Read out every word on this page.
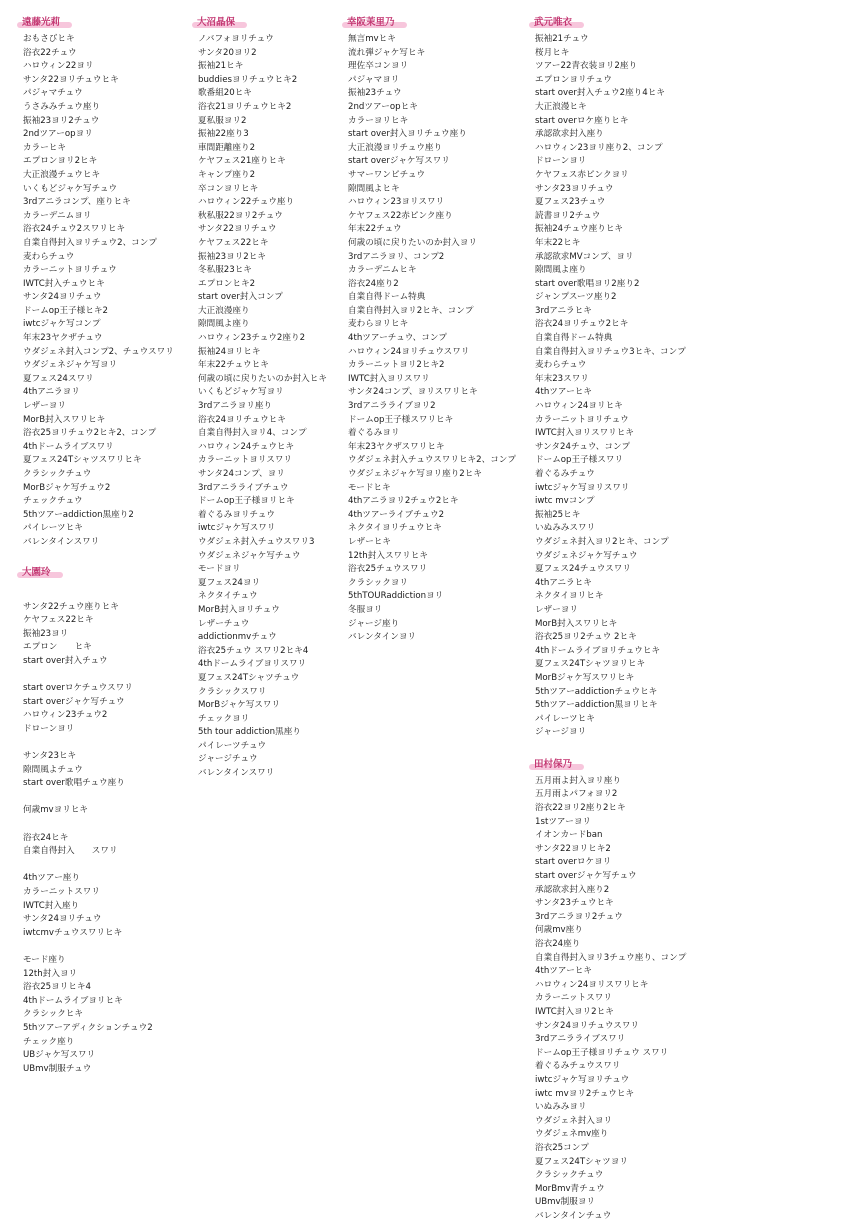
遠藤光莉
おもさびヒキ
浴衣22チュウ
ハロウィン22ヨリ
サンタ22ヨリチュウヒキ
パジャマチュウ
うさみみチュウ座り
振袖23ヨリ2チュウ
2ndツアーopヨリ
カラーヒキ
エプロンヨリ2ヒキ
大正浪漫チュウヒキ
いくもどジャケ写チュウ
3rdアニラコンプ、座りヒキ
カラーデニムヨリ
浴衣24チュウ2スワリヒキ
自業自得封入ヨリチュウ2、コンプ
麦わらチュウ
カラーニットヨリチュウ
IWTC封入チュウヒキ
サンタ24ヨリチュウ
ドームop王子様ヒキ2
iwtcジャケ写コンプ
年末23ヤクザチュウ
ウダジェネ封入コンプ2、チュウスワリ
ウダジェネジャケ写ヨリ
夏フェス24スワリ
4thアニラヨリ
レザーヨリ
MorB封入スワリヒキ
浴衣25ヨリチュウ2ヒキ2、コンプ
4thドームライブスワリ
夏フェス24Tシャツスワリヒキ
クラシックチュウ
MorBジャケ写チュウ2
チェックチュウ
5thツアーaddiction黒座り2
パイレーツヒキ
バレンタインスワリ
大園玲
サンタ22チュウ座りヒキ
ケヤフェス22ヒキ
振袖23ヨリ
エプロン　　ヒキ
start over封入チュウ
start overロケチュウスワリ
start overジャケ写チュウ
ハロウィン23チュウ2
ドローンヨリ
サンタ23ヒキ
隙間風よチュウ
start over歌唱チュウ座り
何歳mvヨリヒキ
浴衣24ヒキ
自業自得封入　　スワリ
4thツアー座り
カラーニットスワリ
IWTC封入座り
サンタ24ヨリチュウ
iwtcmvチュウスワリヒキ
モード座り
12th封入ヨリ
浴衣25ヨリヒキ4
4thドームライブヨリヒキ
クラシックヒキ
5thツアーアディクションチュウ2
チェック座り
UBジャケ写スワリ
UBmv制服チュウ
大沼晶保
ノバフォヨリチュウ
サンタ20ヨリ2
振袖21ヒキ
buddiesヨリチュウヒキ2
歌番組20ヒキ
浴衣21ヨリチュウヒキ2
夏私服ヨリ2
振袖22座り3
車間距離座り2
ケヤフェス21座りヒキ
キャンプ座り2
卒コンヨリヒキ
ハロウィン22チュウ座り
秋私服22ヨリ2チュウ
サンタ22ヨリチュウ
ケヤフェス22ヒキ
振袖23ヨリ2ヒキ
冬私服23ヒキ
エプロンヒキ2
start over封入コンプ
大正浪漫座り
隙間風よ座り
ハロウィン23チュウ2座り2
振袖24ヨリヒキ
年末22チュウヒキ
何歳の頃に戻りたいのか封入ヒキ
いくもどジャケ写ヨリ
3rdアニラヨリ座り
浴衣24ヨリチュウヒキ
自業自得封入ヨリ4、コンプ
ハロウィン24チュウヒキ
カラーニットヨリスワリ
サンタ24コンプ、ヨリ
3rdアニラライブチュウ
ドームop王子様ヨリヒキ
着ぐるみヨリチュウ
iwtcジャケ写スワリ
ウダジェネ封入チュウスワリ3
ウダジェネジャケ写チュウ
モードヨリ
夏フェス24ヨリ
ネクタイチュウ
MorB封入ヨリチュウ
レザーチュウ
addictionmvチュウ
浴衣25チュウ スワリ2ヒキ4
4thドームライブヨリスワリ
夏フェス24Tシャツチュウ
クラシックスワリ
MorBジャケ写スワリ
チェックヨリ
5th tour addiction黒座り
パイレーツチュウ
ジャージチュウ
バレンタインスワリ
幸阪茉里乃
無言mvヒキ
流れ弾ジャケ写ヒキ
理佐卒コンヨリ
パジャマヨリ
振袖23チュウ
2ndツアーopヒキ
カラーヨリヒキ
start over封入ヨリチュウ座り
大正浪漫ヨリチュウ座り
start overジャケ写スワリ
サマーワンピチュウ
隙間風よヒキ
ハロウィン23ヨリスワリ
ケヤフェス22赤ピンク座り
年末22チュウ
何歳の頃に戻りたいのか封入ヨリ
3rdアニラヨリ、コンプ2
カラーデニムヒキ
浴衣24座り2
自業自得ドーム特典
自業自得封入ヨリ2ヒキ、コンプ
麦わらヨリヒキ
4thツアーチュウ、コンプ
ハロウィン24ヨリチュウスワリ
カラーニットヨリ2ヒキ2
IWTC封入ヨリスワリ
サンタ24コンプ、ヨリスワリヒキ
3rdアニラライブヨリ2
ドームop王子様スワリヒキ
着ぐるみヨリ
年末23ヤクザスワリヒキ
ウダジェネ封入チュウスワリヒキ2、コンプ
ウダジェネジャケ写ヨリ座り2ヒキ
モードヒキ
4thアニラヨリ2チュウ2ヒキ
4thツアーライブチュウ2
ネクタイヨリチュウヒキ
レザーヒキ
12th封入スワリヒキ
浴衣25チュウスワリ
クラシックヨリ
5thTOURaddictionヨリ
冬服ヨリ
ジャージ座り
バレンタインヨリ
武元唯衣
振袖21チュウ
桜月ヒキ
ツアー22青衣装ヨリ2座り
エプロンヨリチュウ
start over封入チュウ2座り4ヒキ
大正浪漫ヒキ
start overロケ座りヒキ
承認欲求封入座り
ハロウィン23ヨリ座り2、コンプ
ドローンヨリ
ケヤフェス赤ピンクヨリ
サンタ23ヨリチュウ
夏フェス23チュウ
読書ヨリ2チュウ
振袖24チュウ座りヒキ
年末22ヒキ
承認欲求MVコンプ、ヨリ
隙間風よ座り
start over歌唱ヨリ2座り2
ジャンプスーツ座り2
3rdアニラヒキ
浴衣24ヨリチュウ2ヒキ
自業自得ドーム特典
自業自得封入ヨリチュウ3ヒキ、コンプ
麦わらチュウ
年末23スワリ
4thツアーヒキ
ハロウィン24ヨリヒキ
カラーニットヨリチュウ
IWTC封入ヨリスワリヒキ
サンタ24チュウ、コンプ
ドームop王子様スワリ
着ぐるみチュウ
iwtcジャケ写ヨリスワリ
iwtc mvコンプ
振袖25ヒキ
いぬみみスワリ
ウダジェネ封入ヨリ2ヒキ、コンプ
ウダジェネジャケ写チュウ
夏フェス24チュウスワリ
4thアニラヒキ
ネクタイヨリヒキ
レザーヨリ
MorB封入スワリヒキ
浴衣25ヨリ2チュウ 2ヒキ
4thドームライブヨリチュウヒキ
夏フェス24Tシャツヨリヒキ
MorBジャケ写スワリヒキ
5thツアーaddictionチュウヒキ
5thツアーaddiction黒ヨリヒキ
パイレーツヒキ
ジャージヨリ
田村保乃
五月雨よ封入ヨリ座り
五月雨よパフォヨリ2
浴衣22ヨリ2座り2ヒキ
1stツアーヨリ
イオンカードban
サンタ22ヨリヒキ2
start overロケヨリ
start overジャケ写チュウ
承認欲求封入座り2
サンタ23チュウヒキ
3rdアニラヨリ2チュウ
何歳mv座り
浴衣24座り
自業自得封入ヨリ3チュウ座り、コンプ
4thツアーヒキ
ハロウィン24ヨリスワリヒキ
カラーニットスワリ
IWTC封入ヨリ2ヒキ
サンタ24ヨリチュウスワリ
3rdアニラライブスワリ
ドームop王子様ヨリチュウ スワリ
着ぐるみチュウスワリ
iwtcジャケ写ヨリチュウ
iwtc mvヨリ2チュウヒキ
いぬみみヨリ
ウダジェネ封入ヨリ
ウダジェネmv座り
浴衣25コンプ
夏フェス24Tシャツヨリ
クラシックチュウ
MorBmv青チュウ
UBmv制服ヨリ
バレンタインチュウ
